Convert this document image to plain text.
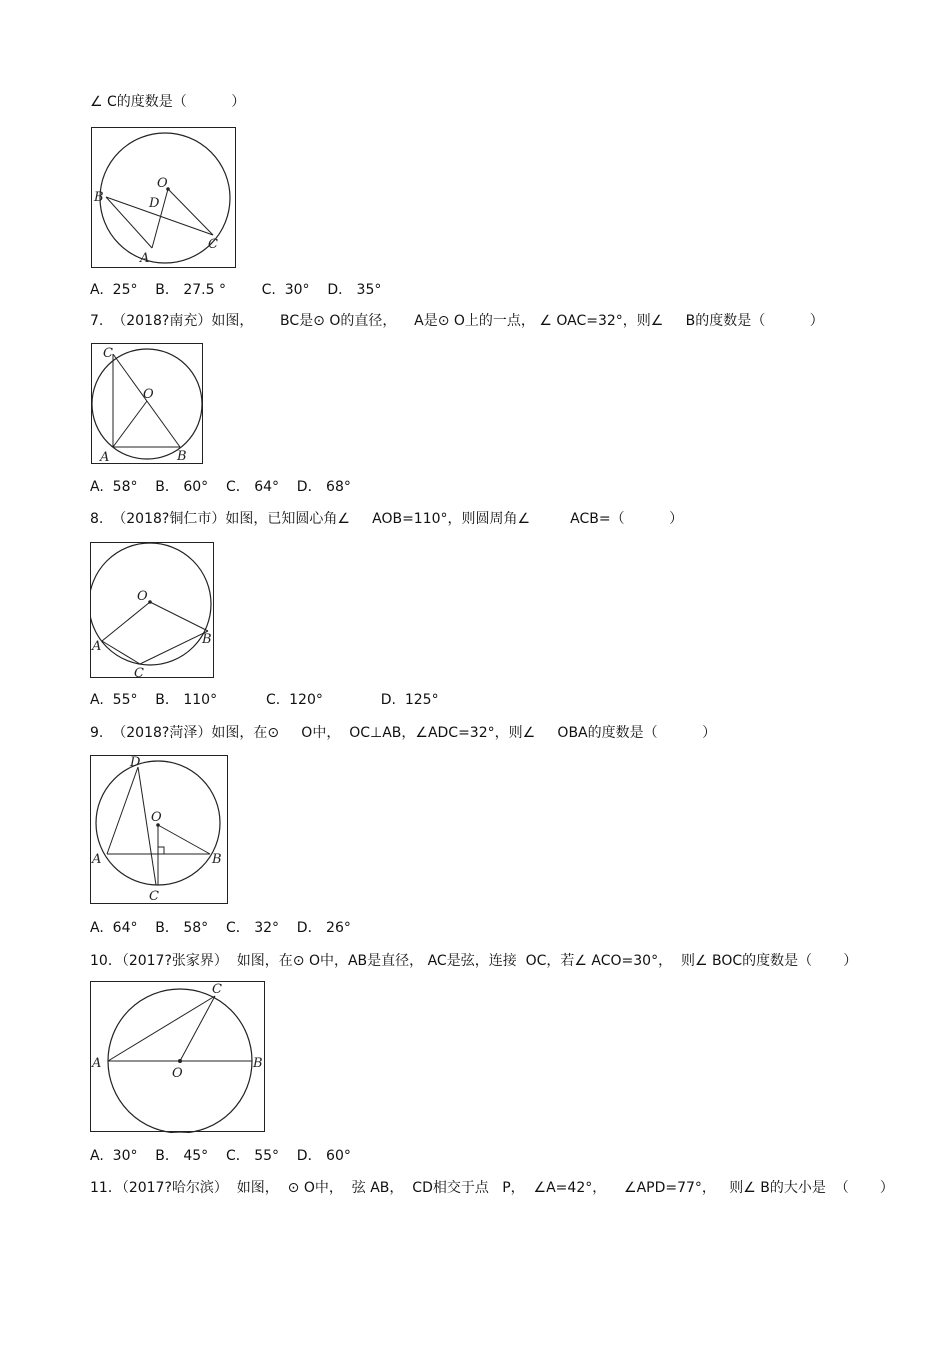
∠ C的度数是（          ）
B
O
D
A
C
A.  25°    B． 27.5 °        C.  30°    D． 35°
7.  （2018?南充）如图，      BC是⊙ O的直径，    A是⊙ O上的一点， ∠ OAC=32°，则∠     B的度数是（          ）
C
O
A	B
A.  58°    B． 60°    C． 64°    D． 68°
8.  （2018?铜仁市）如图，已知圆心角∠     AOB=110°，则圆周角∠         ACB=（          ）
O
A	B
C
A.  55°    B． 110°           C.  120°             D.  125°
9.  （2018?菏泽）如图，在⊙     O中，  OC⊥AB，∠ADC=32°，则∠     OBA的度数是（          ）
D
O
A	B
C
A.  64°    B． 58°    C． 32°    D． 26°
10．（2017?张家界）  如图，在⊙ O中，AB是直径， AC是弦，连接  OC，若∠ ACO=30°，  则∠ BOC的度数是（       ）
C
A
O
B
A.  30°    B． 45°    C． 55°    D． 60°
11．（2017?哈尔滨）  如图，  ⊙ O中，  弦 AB，  CD相交于点   P，  ∠A=42°，    ∠APD=77°，   则∠ B的大小是  （       ）
